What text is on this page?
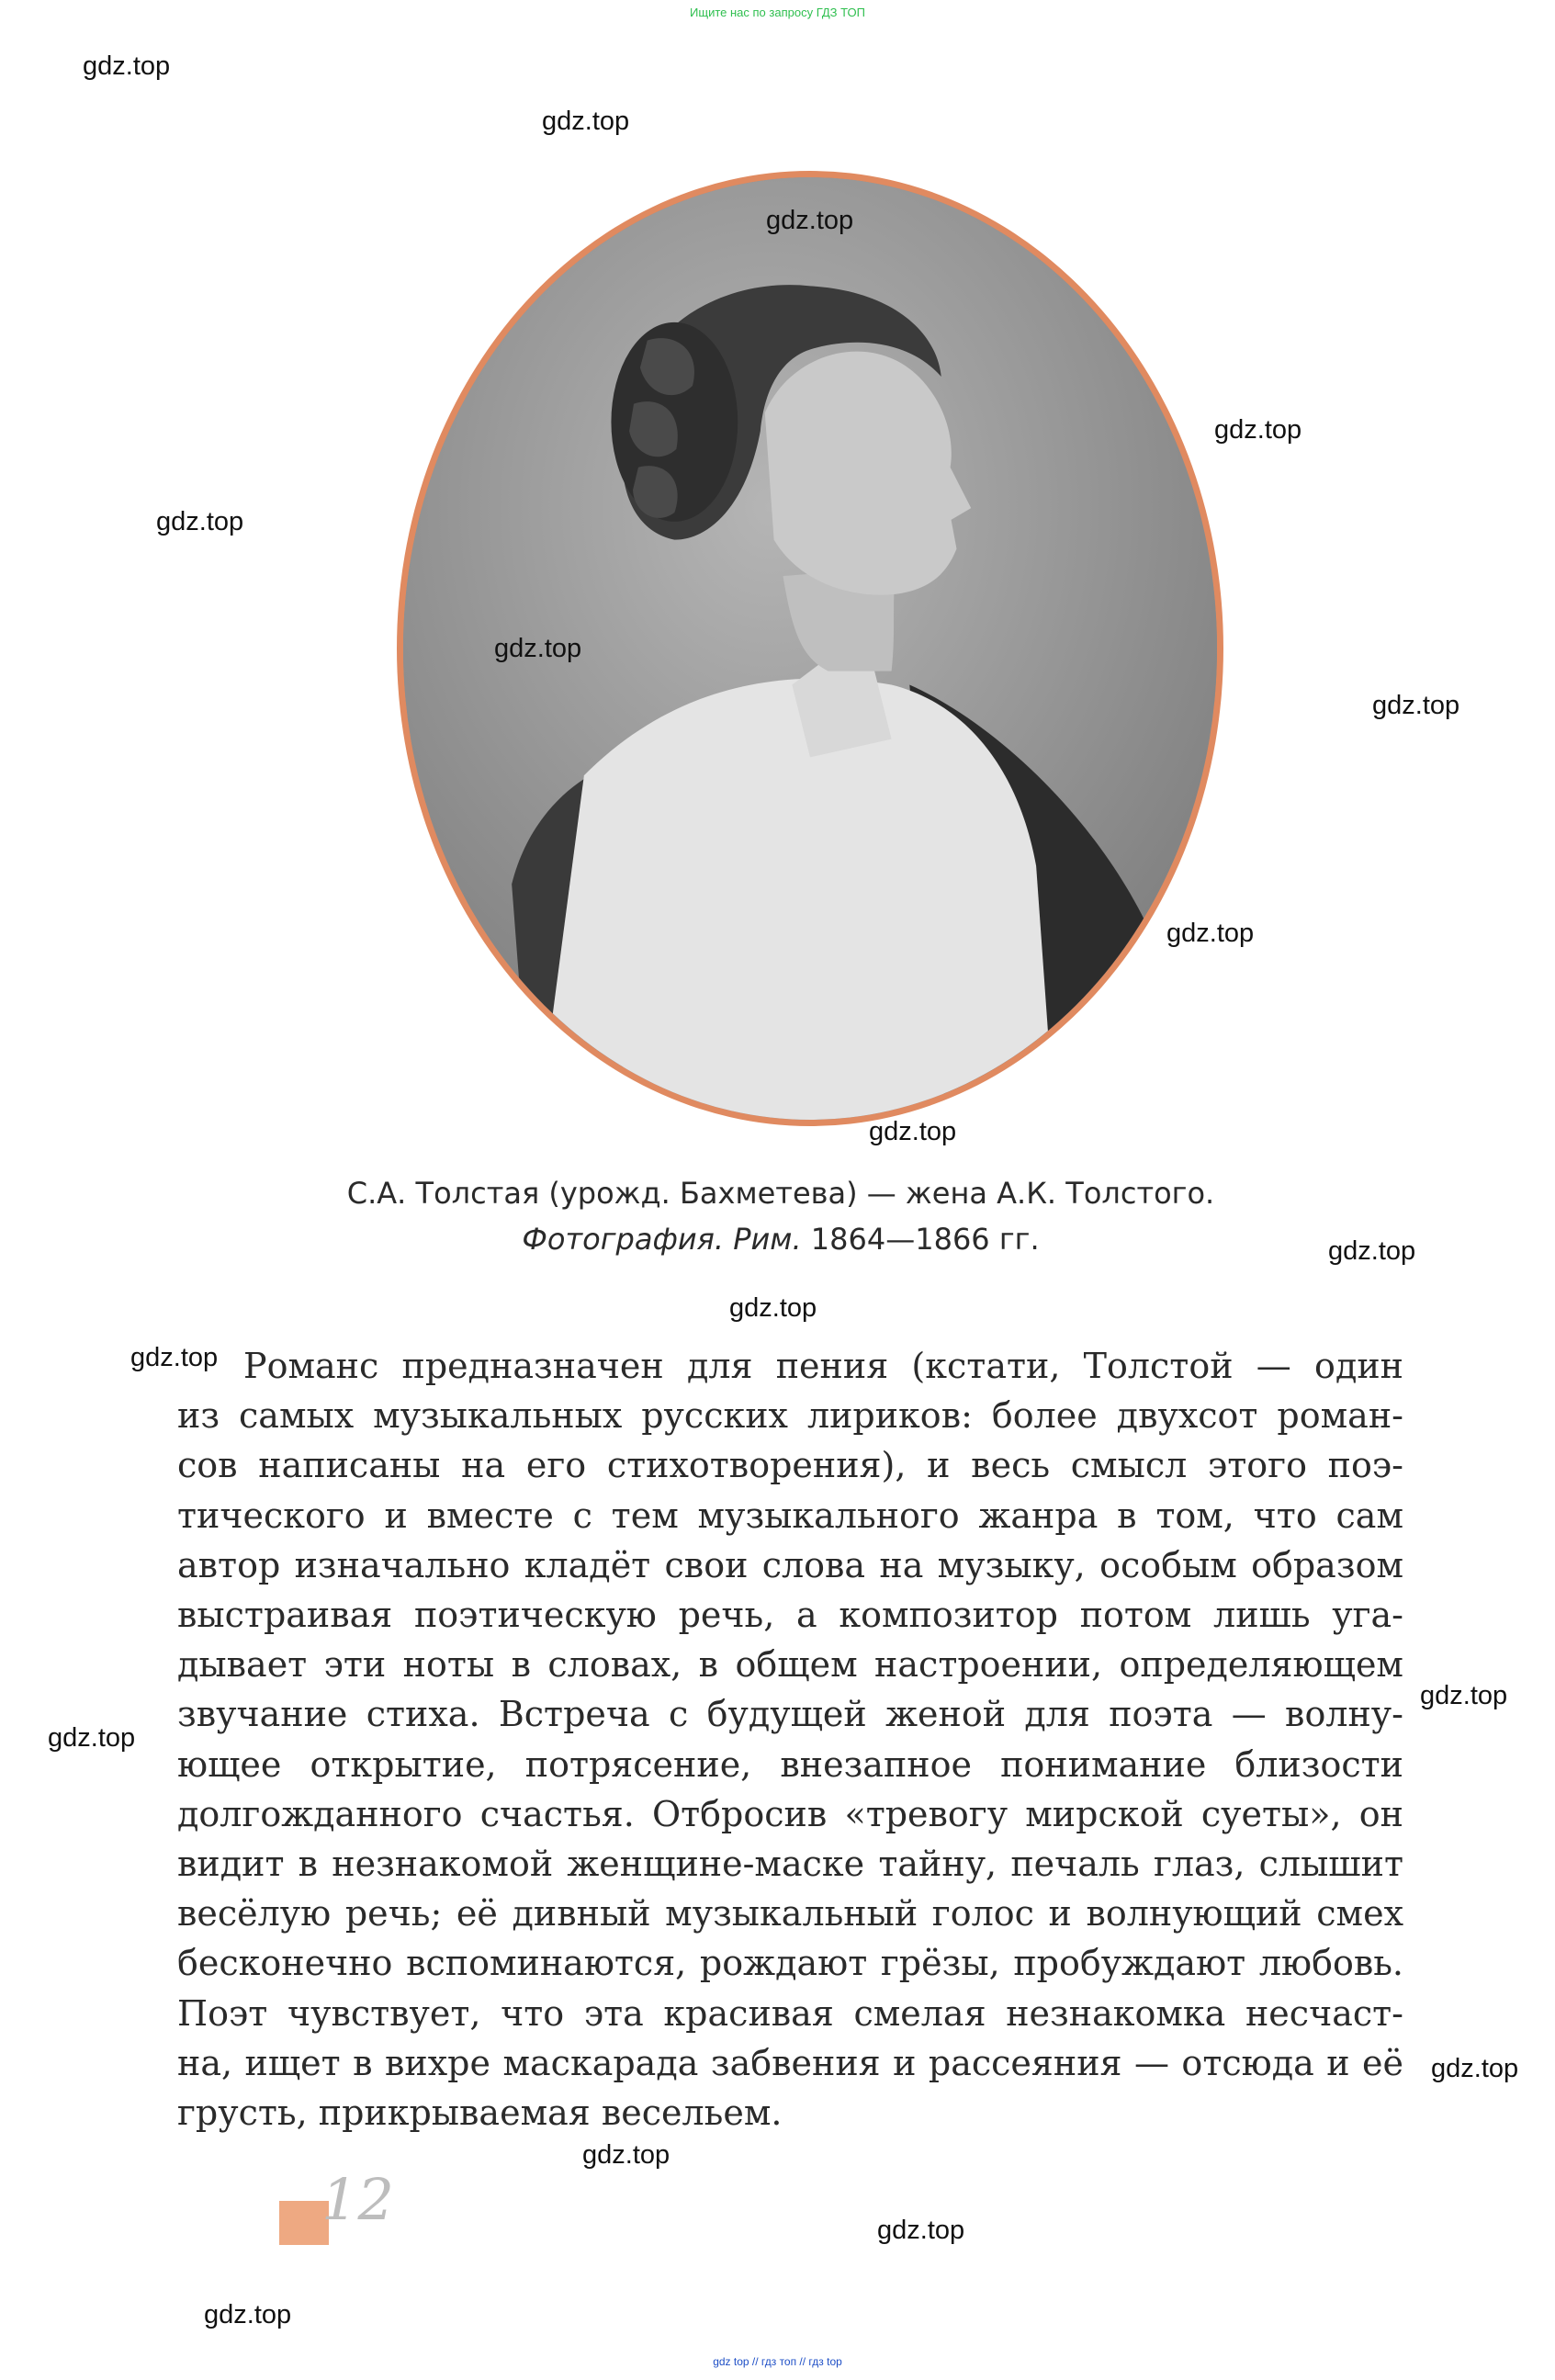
Ищите нас по запросу ГДЗ ТОП
С.А. Толстая (урожд. Бахметева) — жена А.К. Толстого.
Фотография. Рим. 1864—1866 гг.
Романс предназначен для пения (кстати, Толстой — один
из самых музыкальных русских лириков: более двухсот роман-
сов написаны на его стихотворения), и весь смысл этого поэ-
тического и вместе с тем музыкального жанра в том, что сам
автор изначально кладёт свои слова на музыку, особым образом
выстраивая поэтическую речь, а композитор потом лишь уга-
дывает эти ноты в словах, в общем настроении, определяющем
звучание стиха. Встреча с будущей женой для поэта — волну-
ющее открытие, потрясение, внезапное понимание близости
долгожданного счастья. Отбросив «тревогу мирской суеты», он
видит в незнакомой женщине-маске тайну, печаль глаз, слышит
весёлую речь; её дивный музыкальный голос и волнующий смех
бесконечно вспоминаются, рождают грёзы, пробуждают любовь.
Поэт чувствует, что эта красивая смелая незнакомка несчаст-
на, ищет в вихре маскарада забвения и рассеяния — отсюда и её
грусть, прикрываемая весельем.
12
gdz.top
gdz.top
gdz.top
gdz.top
gdz.top
gdz.top
gdz.top
gdz.top
gdz.top
gdz.top
gdz.top
gdz.top
gdz.top
gdz.top
gdz.top
gdz.top
gdz.top
gdz.top
gdz top // гдз топ // гдз top
